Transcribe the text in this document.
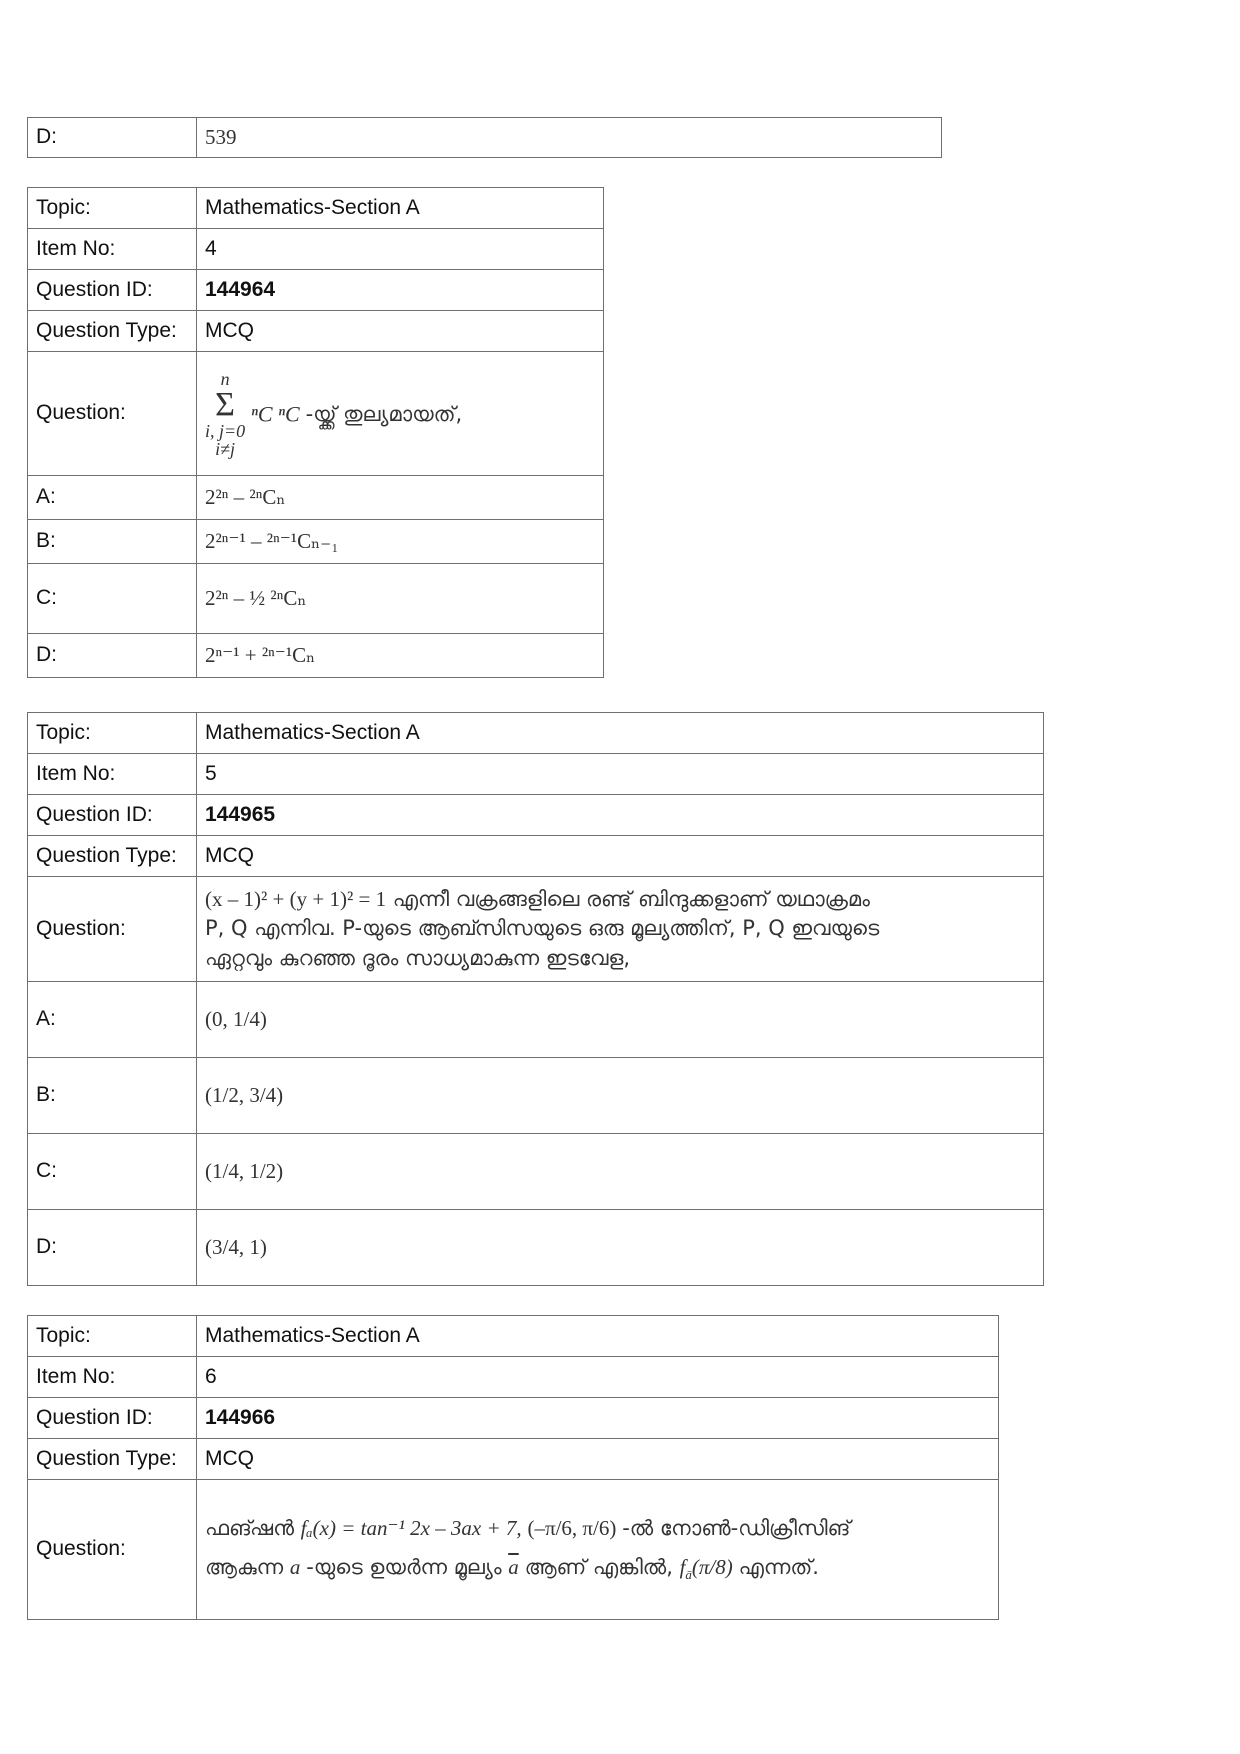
D:	539
Topic:	Mathematics-Section A
Item No:	4
Question ID:	144964
Question Type:	MCQ
Question:	n
Σ
i, j=0
i≠j
ⁿC ⁿC -യ്ക്ക് തുല്യമായത്,
A:	2²ⁿ – ²ⁿCₙ
B:	2²ⁿ⁻¹ – ²ⁿ⁻¹Cₙ₋₁
C:	2²ⁿ – ½ ²ⁿCₙ
D:	2ⁿ⁻¹ + ²ⁿ⁻¹Cₙ
Topic:	Mathematics-Section A
Item No:	5
Question ID:	144965
Question Type:	MCQ
Question:	(x – 1)² + (y + 1)² = 1 എന്നീ വക്രങ്ങളിലെ രണ്ട് ബിന്ദുക്കളാണ് യഥാക്രമം
P, Q എന്നിവ. P-യുടെ ആബ്സിസയുടെ ഒരു മൂല്യത്തിന്, P, Q ഇവയുടെ
ഏറ്റവും കുറഞ്ഞ ദൂരം സാധ്യമാകുന്ന ഇടവേള,
A:	(0, 1/4)
B:	(1/2, 3/4)
C:	(1/4, 1/2)
D:	(3/4, 1)
Topic:	Mathematics-Section A
Item No:	6
Question ID:	144966
Question Type:	MCQ
Question:	ഫങ്ഷൻ fₐ(x) = tan⁻¹ 2x – 3ax + 7, (–π/6, π/6) -ൽ നോൺ-ഡിക്രീസിങ്
ആകുന്ന a -യുടെ ഉയർന്ന മൂല്യം $\overline{a}$ ആണ് എങ്കിൽ, $f_ā(\pi/8)$ എന്നത്.
